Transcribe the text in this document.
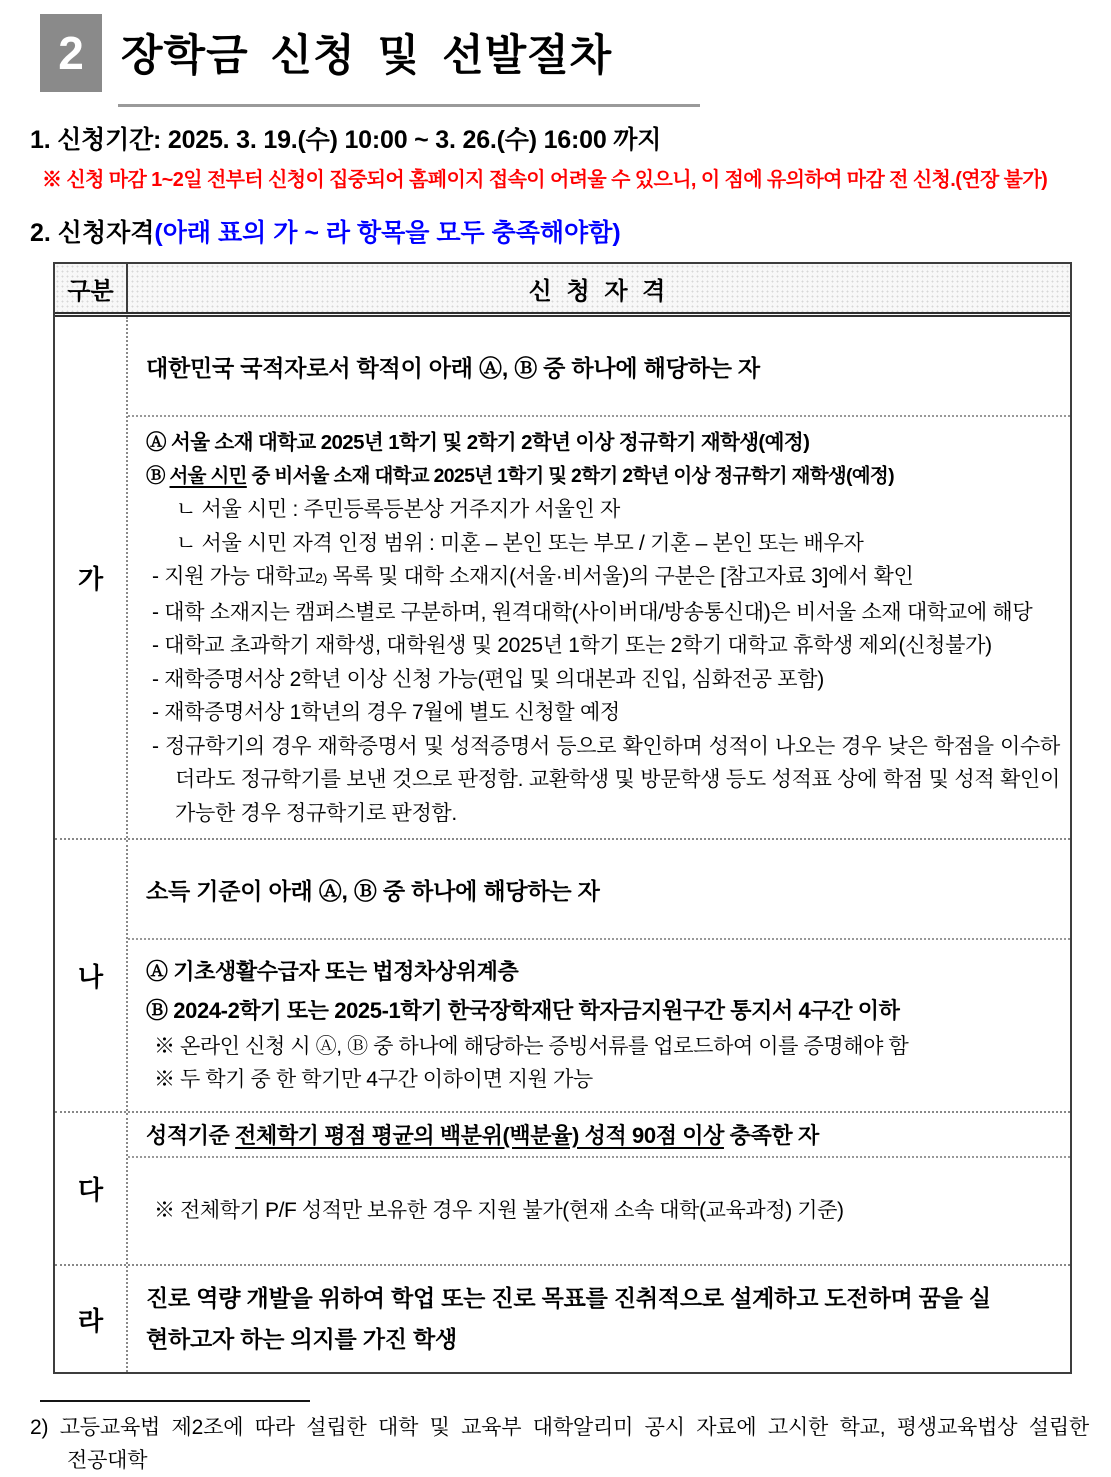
2 장학금 신청 및 선발절차

1. 신청기간: 2025. 3. 19.(수) 10:00 ~ 3. 26.(수) 16:00 까지

※ 신청 마감 1~2일 전부터 신청이 집중되어 홈페이지 접속이 어려울 수 있으니, 이 점에 유의하여 마감 전 신청.(연장 불가)

2. 신청자격(아래 표의 가 ~ 라 항목을 모두 충족해야함)

구분	신 청 자 격
가
대한민국 국적자로서 학적이 아래 Ⓐ, Ⓑ 중 하나에 해당하는 자
Ⓐ 서울 소재 대학교 2025년 1학기 및 2학기 2학년 이상 정규학기 재학생(예정)
Ⓑ 서울 시민 중 비서울 소재 대학교 2025년 1학기 및 2학기 2학년 이상 정규학기 재학생(예정)
ㄴ 서울 시민 : 주민등록등본상 거주지가 서울인 자
ㄴ 서울 시민 자격 인정 범위 : 미혼 – 본인 또는 부모 / 기혼 – 본인 또는 배우자
- 지원 가능 대학교2) 목록 및 대학 소재지(서울·비서울)의 구분은 [참고자료 3]에서 확인
- 대학 소재지는 캠퍼스별로 구분하며, 원격대학(사이버대/방송통신대)은 비서울 소재 대학교에 해당
- 대학교 초과학기 재학생, 대학원생 및 2025년 1학기 또는 2학기 대학교 휴학생 제외(신청불가)
- 재학증명서상 2학년 이상 신청 가능(편입 및 의대본과 진입, 심화전공 포함)
- 재학증명서상 1학년의 경우 7월에 별도 신청할 예정
- 정규학기의 경우 재학증명서 및 성적증명서 등으로 확인하며 성적이 나오는 경우 낮은 학점을 이수하더라도 정규학기를 보낸 것으로 판정함. 교환학생 및 방문학생 등도 성적표 상에 학점 및 성적 확인이 가능한 경우 정규학기로 판정함.
나
소득 기준이 아래 Ⓐ, Ⓑ 중 하나에 해당하는 자
Ⓐ 기초생활수급자 또는 법정차상위계층
Ⓑ 2024-2학기 또는 2025-1학기 한국장학재단 학자금지원구간 통지서 4구간 이하
※ 온라인 신청 시 Ⓐ, Ⓑ 중 하나에 해당하는 증빙서류를 업로드하여 이를 증명해야 함
※ 두 학기 중 한 학기만 4구간 이하이면 지원 가능
다
성적기준 전체학기 평점 평균의 백분위(백분율) 성적 90점 이상 충족한 자
※ 전체학기 P/F 성적만 보유한 경우 지원 불가(현재 소속 대학(교육과정) 기준)
라
진로 역량 개발을 위하여 학업 또는 진로 목표를 진취적으로 설계하고 도전하며 꿈을 실현하고자 하는 의지를 가진 학생

2) 고등교육법 제2조에 따라 설립한 대학 및 교육부 대학알리미 공시 자료에 고시한 학교, 평생교육법상 설립한 전공대학
